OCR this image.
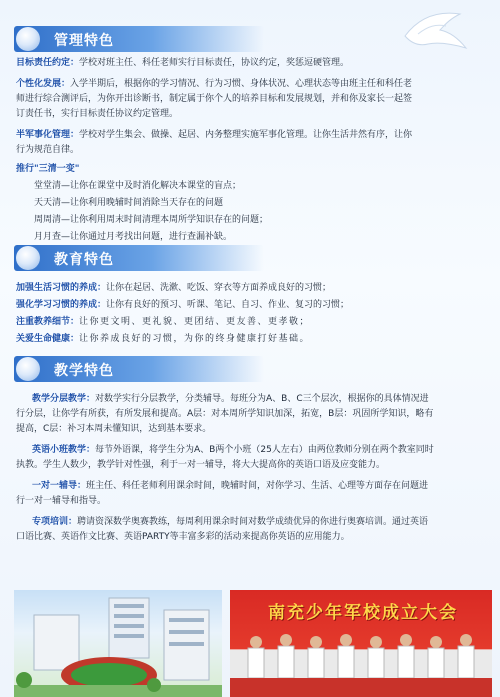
管理特色
目标责任约定：学校对班主任、科任老师实行目标责任，协议约定，奖惩逗硬管理。
个性化发展：入学半期后，根据你的学习情况、行为习惯、身体状况、心理状态等由班主任和科任老
师进行综合测评后，为你开出诊断书，制定属于你个人的培养目标和发展规划，并和你及家长一起签
订责任书，实行目标责任协议约定管理。
半军事化管理：学校对学生集会、做操、起居、内务整理实施军事化管理。让你生活井然有序，让你
行为规范自律。
推行"三清一变"
堂堂清—让你在课堂中及时消化解决本课堂的盲点；
天天清—让你利用晚辅时间消除当天存在的问题
周周清—让你利用周末时间清理本周所学知识存在的问题；
月月查—让你通过月考找出问题，进行查漏补缺。
教育特色
加强生活习惯的养成：让你在起居、洗漱、吃饭、穿衣等方面养成良好的习惯；
强化学习习惯的养成：让你有良好的预习、听课、笔记、自习、作业、复习的习惯；
注重教养细节：让你更文明、更礼貌、更团结、更友善、更孝敬；
关爱生命健康：让你养成良好的习惯，为你的终身健康打好基础。
教学特色
教学分层教学：对数学实行分层教学，分类辅导。每班分为A、B、C三个层次，根据你的具体情况进
行分层，让你学有所获，有所发展和提高。A层：对本周所学知识加深，拓宽，B层：巩固所学知识，略有
提高，C层：补习本周未懂知识，达到基本要求。
英语小班教学：每节外语课，将学生分为A、B两个小班（25人左右）由两位教师分别在两个教室同时
执教。学生人数少，教学针对性强，利于一对一辅导，将大大提高你的英语口语及应变能力。
一对一辅导：班主任、科任老师利用课余时间，晚辅时间，对你学习、生活、心理等方面存在问题进
行一对一辅导和指导。
专项培训：聘请资深数学奥赛教练，每周利用课余时间对数学成绩优异的你进行奥赛培训。通过英语
口语比赛、英语作文比赛、英语PARTY等丰富多彩的活动来提高你英语的应用能力。
南充少年军校成立大会
